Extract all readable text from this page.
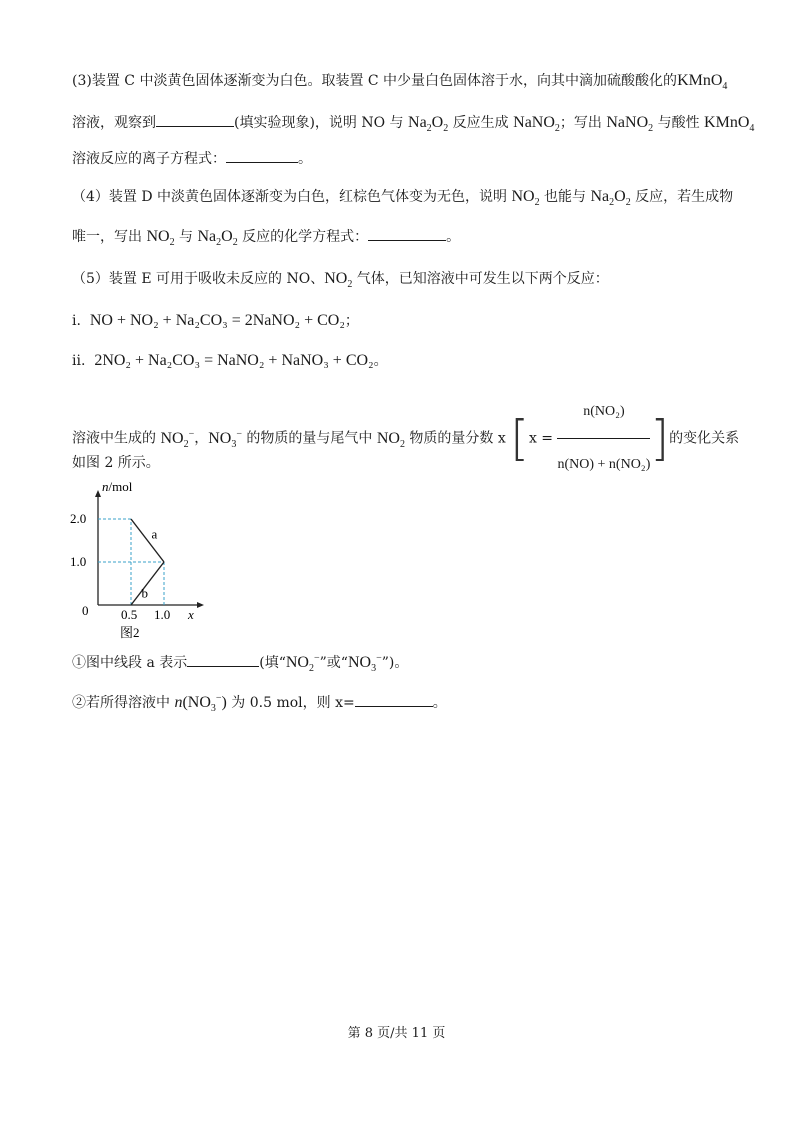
(3)装置 C 中淡黄色固体逐渐变为白色。取装置 C 中少量白色固体溶于水，向其中滴加硫酸酸化的KMnO$_4$
溶液，观察到	(填实验现象)，说明 NO 与 $Na_2O_2$ 反应生成 NaNO$_2$；写出 NaNO$_2$ 与酸性 KMnO$_4$
溶液反应的离子方程式：	。
（4）装置 D 中淡黄色固体逐渐变为白色，红棕色气体变为无色，说明 $NO_2$ 也能与 $Na_2O_2$ 反应，若生成物
唯一，写出 $NO_2$ 与 $Na_2O_2$ 反应的化学方程式：	。
（5）装置 E 可用于吸收未反应的 NO、$NO_2$ 气体，已知溶液中可发生以下两个反应：
i. NO + NO₂ + Na₂CO₃ = 2NaNO₂ + CO₂；
ii. 2NO₂ + Na₂CO₃ = NaNO₂ + NaNO₃ + CO₂。
溶液中生成的 $NO_2^-$，$NO_3^-$ 的物质的量与尾气中 $NO_2$ 物质的量分数 x [$x = \frac{\text{n(NO₂)}}{\text{n(NO) + n(NO₂)}}$ ]的变化关系
如图 2 所示。
n/mol
x
0
2.0
1.0
0.5 1.0
a
b
图2
①图中线段 a 表示	(填“$NO_2^-$”或“$NO_3^-$”)。
②若所得溶液中 $n(NO_3^-)$ 为 0.5 mol，则 x=	。
第 8 页/共 11 页
